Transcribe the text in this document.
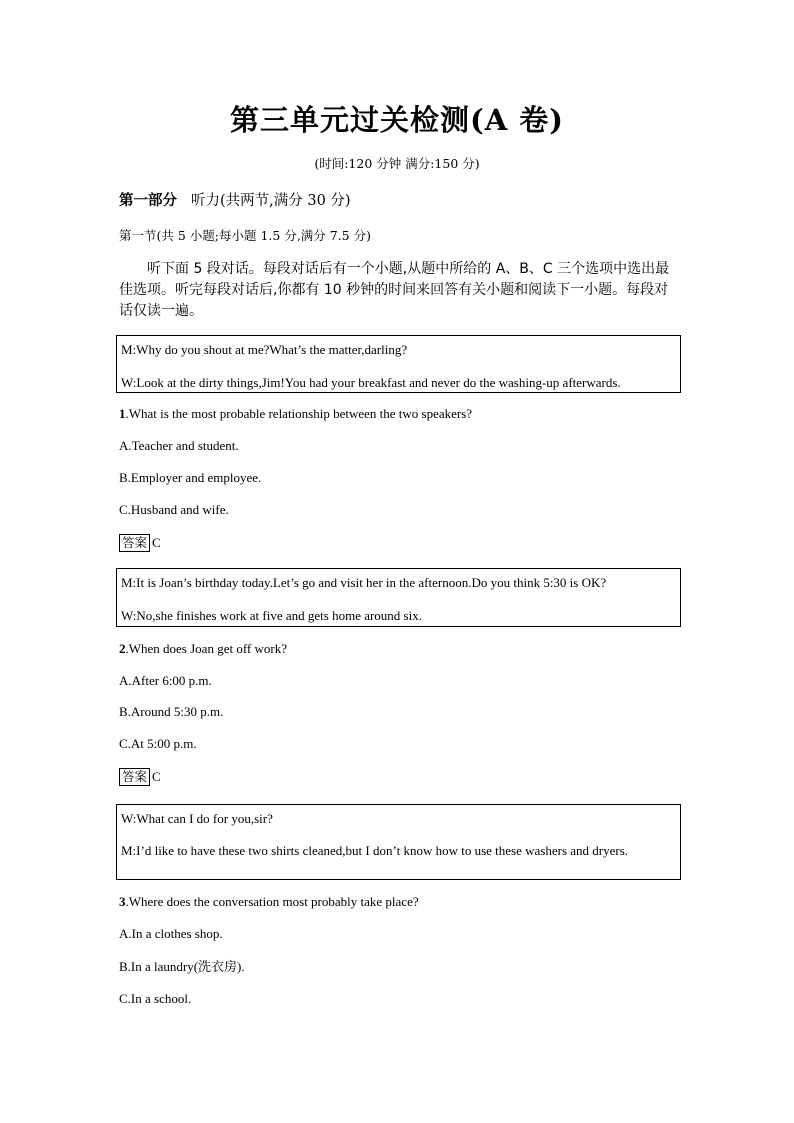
第三单元过关检测(A 卷)
(时间:120 分钟 满分:150 分)
第一部分 听力(共两节,满分 30 分)
第一节(共 5 小题;每小题 1.5 分,满分 7.5 分)
听下面 5 段对话。每段对话后有一个小题,从题中所给的 A、B、C 三个选项中选出最佳选项。听完每段对话后,你都有 10 秒钟的时间来回答有关小题和阅读下一小题。每段对话仅读一遍。
M:Why do you shout at me?What’s the matter,darling?
W:Look at the dirty things,Jim!You had your breakfast and never do the washing-up afterwards.
1.What is the most probable relationship between the two speakers?
A.Teacher and student.
B.Employer and employee.
C.Husband and wife.
答案 C
M:It is Joan’s birthday today.Let’s go and visit her in the afternoon.Do you think 5:30 is OK?
W:No,she finishes work at five and gets home around six.
2.When does Joan get off work?
A.After 6:00 p.m.
B.Around 5:30 p.m.
C.At 5:00 p.m.
答案 C
W:What can I do for you,sir?
M:I’d like to have these two shirts cleaned,but I don’t know how to use these washers and dryers.
3.Where does the conversation most probably take place?
A.In a clothes shop.
B.In a laundry(洗衣房).
C.In a school.
